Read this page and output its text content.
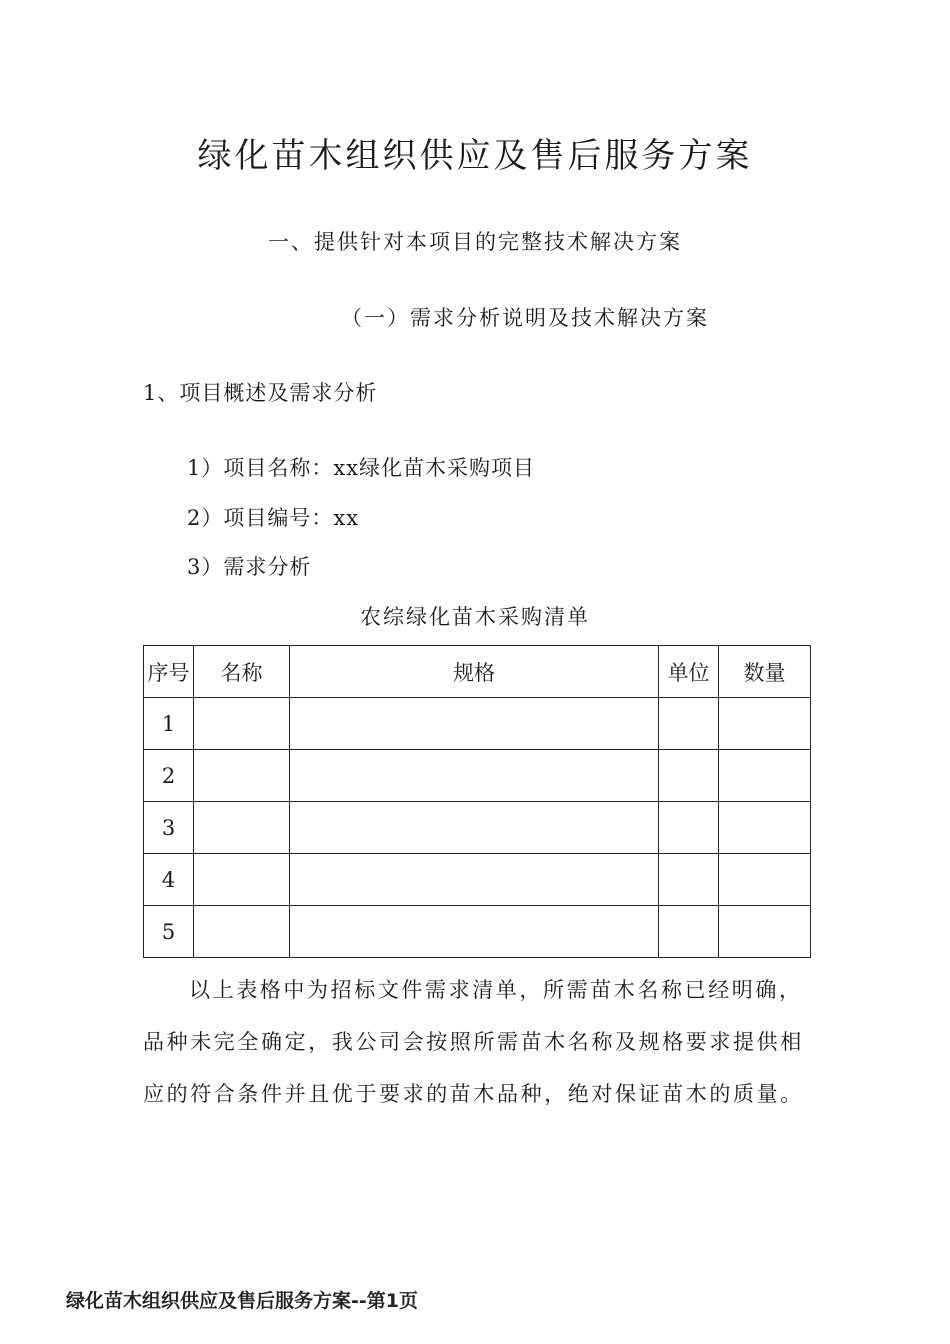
绿化苗木组织供应及售后服务方案
一、提供针对本项目的完整技术解决方案
（一）需求分析说明及技术解决方案
1、项目概述及需求分析
1）项目名称：xx绿化苗木采购项目
2）项目编号：xx
3）需求分析
农综绿化苗木采购清单
序号	名称	规格	单位	数量
1				
2				
3				
4				
5				

以上表格中为招标文件需求清单，所需苗木名称已经明确，品种未完全确定，我公司会按照所需苗木名称及规格要求提供相应的符合条件并且优于要求的苗木品种，绝对保证苗木的质量。

绿化苗木组织供应及售后服务方案--第1页
